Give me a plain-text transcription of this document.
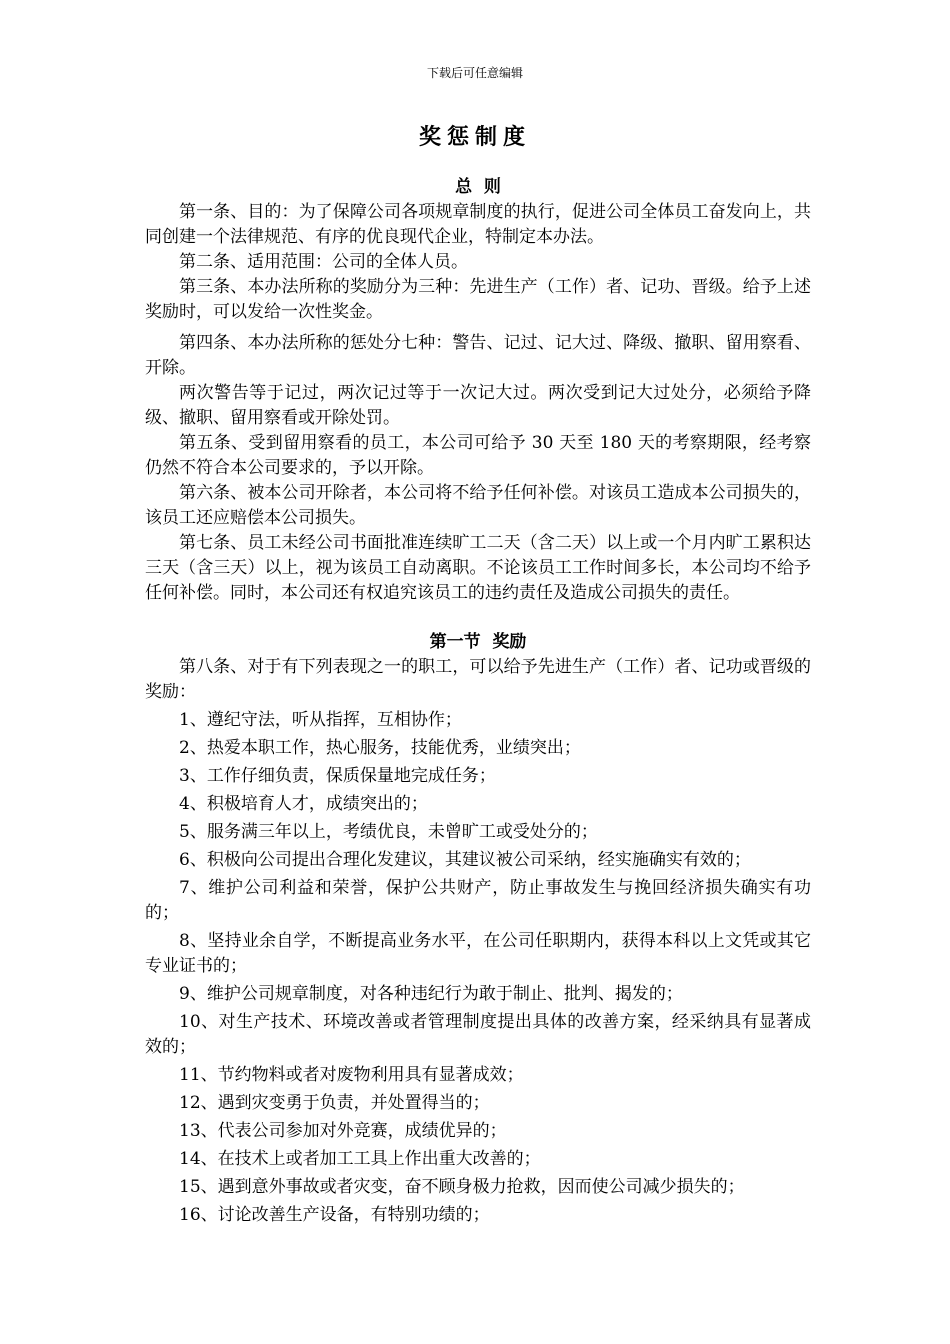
下载后可任意编辑
奖惩制度
总  则

第一条、目的：为了保障公司各项规章制度的执行，促进公司全体员工奋发向上，共同创建一个法律规范、有序的优良现代企业，特制定本办法。

第二条、适用范围：公司的全体人员。

第三条、本办法所称的奖励分为三种：先进生产（工作）者、记功、晋级。给予上述奖励时，可以发给一次性奖金。

第四条、本办法所称的惩处分七种：警告、记过、记大过、降级、撤职、留用察看、开除。

两次警告等于记过，两次记过等于一次记大过。两次受到记大过处分，必须给予降级、撤职、留用察看或开除处罚。

第五条、受到留用察看的员工，本公司可给予 30 天至 180 天的考察期限，经考察仍然不符合本公司要求的，予以开除。

第六条、被本公司开除者，本公司将不给予任何补偿。对该员工造成本公司损失的，该员工还应赔偿本公司损失。

第七条、员工未经公司书面批准连续旷工二天（含二天）以上或一个月内旷工累积达三天（含三天）以上，视为该员工自动离职。不论该员工工作时间多长，本公司均不给予任何补偿。同时，本公司还有权追究该员工的违约责任及造成公司损失的责任。

第一节  奖励

第八条、对于有下列表现之一的职工，可以给予先进生产（工作）者、记功或晋级的奖励：

1、遵纪守法，听从指挥，互相协作；

2、热爱本职工作，热心服务，技能优秀，业绩突出；

3、工作仔细负责，保质保量地完成任务；

4、积极培育人才，成绩突出的；

5、服务满三年以上，考绩优良，未曾旷工或受处分的；

6、积极向公司提出合理化发建议，其建议被公司采纳，经实施确实有效的；

7、维护公司利益和荣誉，保护公共财产，防止事故发生与挽回经济损失确实有功的；

8、坚持业余自学，不断提高业务水平，在公司任职期内，获得本科以上文凭或其它专业证书的；

9、维护公司规章制度，对各种违纪行为敢于制止、批判、揭发的；

10、对生产技术、环境改善或者管理制度提出具体的改善方案，经采纳具有显著成效的；

11、节约物料或者对废物利用具有显著成效；

12、遇到灾变勇于负责，并处置得当的；

13、代表公司参加对外竞赛，成绩优异的；

14、在技术上或者加工工具上作出重大改善的；

15、遇到意外事故或者灾变，奋不顾身极力抢救，因而使公司减少损失的；

16、讨论改善生产设备，有特别功绩的；
